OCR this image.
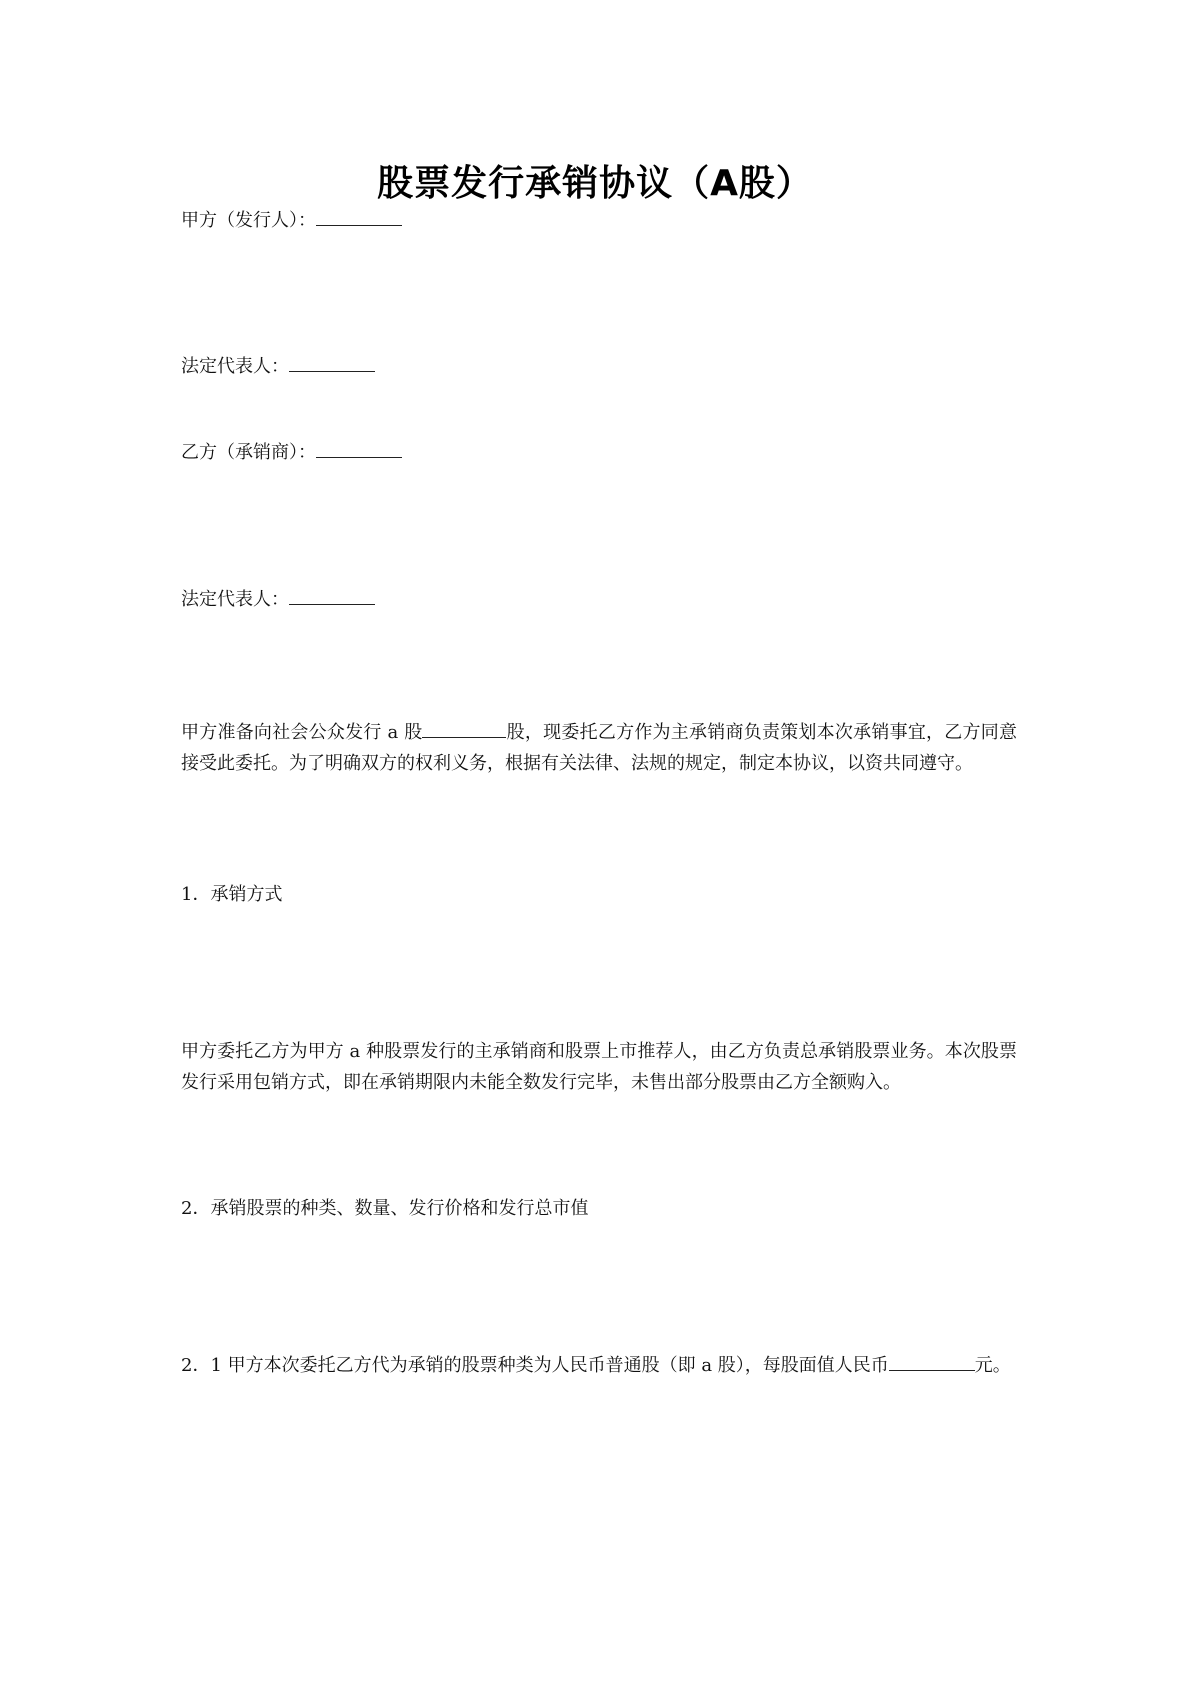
股票发行承销协议（A股）
甲方（发行人）：
法定代表人：
乙方（承销商）：
法定代表人：
甲方准备向社会公众发行 a 股	股，现委托乙方作为主承销商负责策划本次承销事宜，乙方同意接受此委托。为了明确双方的权利义务，根据有关法律、法规的规定，制定本协议，以资共同遵守。
1．承销方式
甲方委托乙方为甲方 a 种股票发行的主承销商和股票上市推荐人，由乙方负责总承销股票业务。本次股票发行采用包销方式，即在承销期限内未能全数发行完毕，未售出部分股票由乙方全额购入。
2．承销股票的种类、数量、发行价格和发行总市值
2．1 甲方本次委托乙方代为承销的股票种类为人民币普通股（即 a 股），每股面值人民币	元。
